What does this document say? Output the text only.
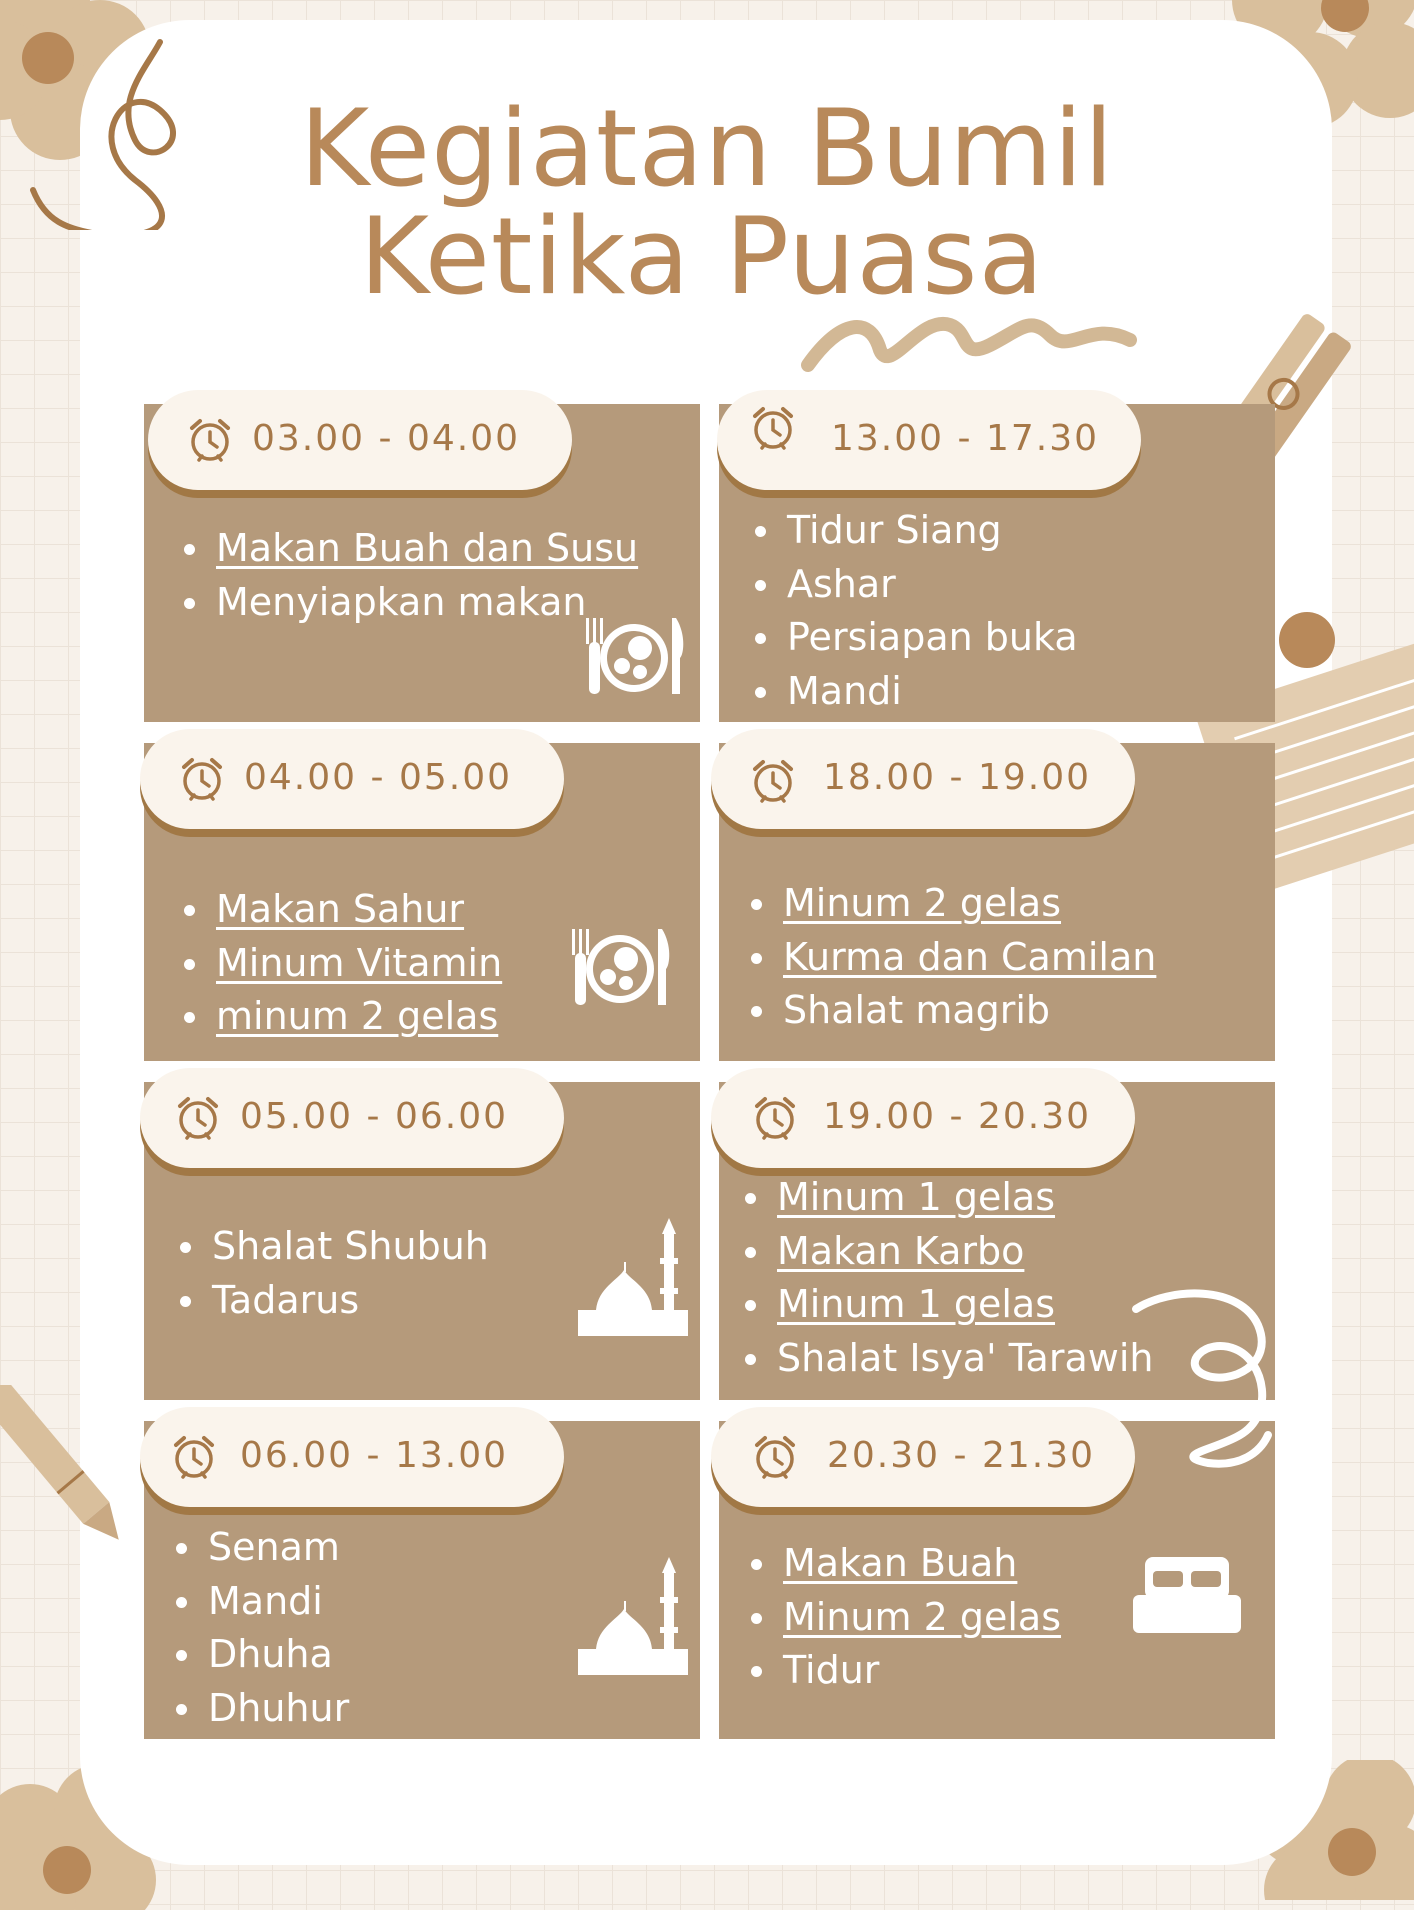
Kegiatan Bumil
Ketika Puasa
03.00 - 04.00
Makan Buah dan Susu
Menyiapkan makan
13.00 - 17.30
Tidur Siang
Ashar
Persiapan buka
Mandi
04.00 - 05.00
Makan Sahur
Minum Vitamin
minum 2 gelas
18.00 - 19.00
Minum 2 gelas
Kurma dan Camilan
Shalat magrib
05.00 - 06.00
Shalat Shubuh
Tadarus
19.00 - 20.30
Minum 1 gelas
Makan Karbo
Minum 1 gelas
Shalat Isya' Tarawih
06.00 - 13.00
Senam
Mandi
Dhuha
Dhuhur
20.30 - 21.30
Makan Buah
Minum 2 gelas
Tidur
